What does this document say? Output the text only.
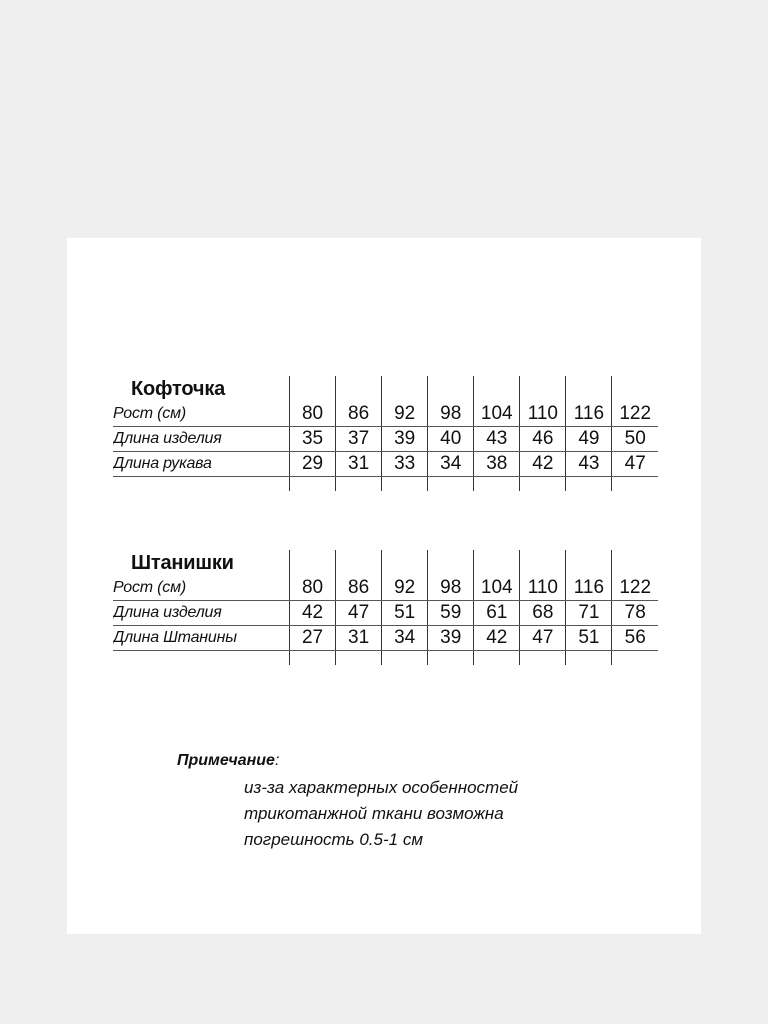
Кофточка								
Рост (см)	80	86	92	98	104	110	116	122
Длина изделия	35	37	39	40	43	46	49	50
Длина рукава	29	31	33	34	38	42	43	47

Штанишки								
Рост (см)	80	86	92	98	104	110	116	122
Длина изделия	42	47	51	59	61	68	71	78
Длина Штанины	27	31	34	39	42	47	51	56

Примечание:
из-за характерных особенностей
трикотанжной ткани возможна
погрешность 0.5-1 см
